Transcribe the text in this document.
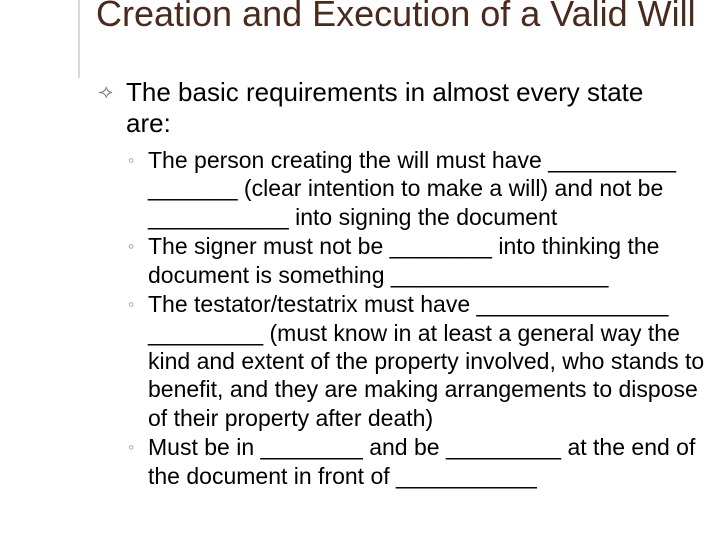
Creation and Execution of a Valid Will
⟢ The basic requirements in almost every state are:
◦ The person creating the will must have __________ _______ (clear intention to make a will) and not be ___________ into signing the document
◦ The signer must not be ________ into thinking the document is something _________________
◦ The testator/testatrix must have _______________ _________ (must know in at least a general way the kind and extent of the property involved, who stands to benefit, and they are making arrangements to dispose of their property after death)
◦ Must be in ________ and be _________ at the end of the document in front of ___________
